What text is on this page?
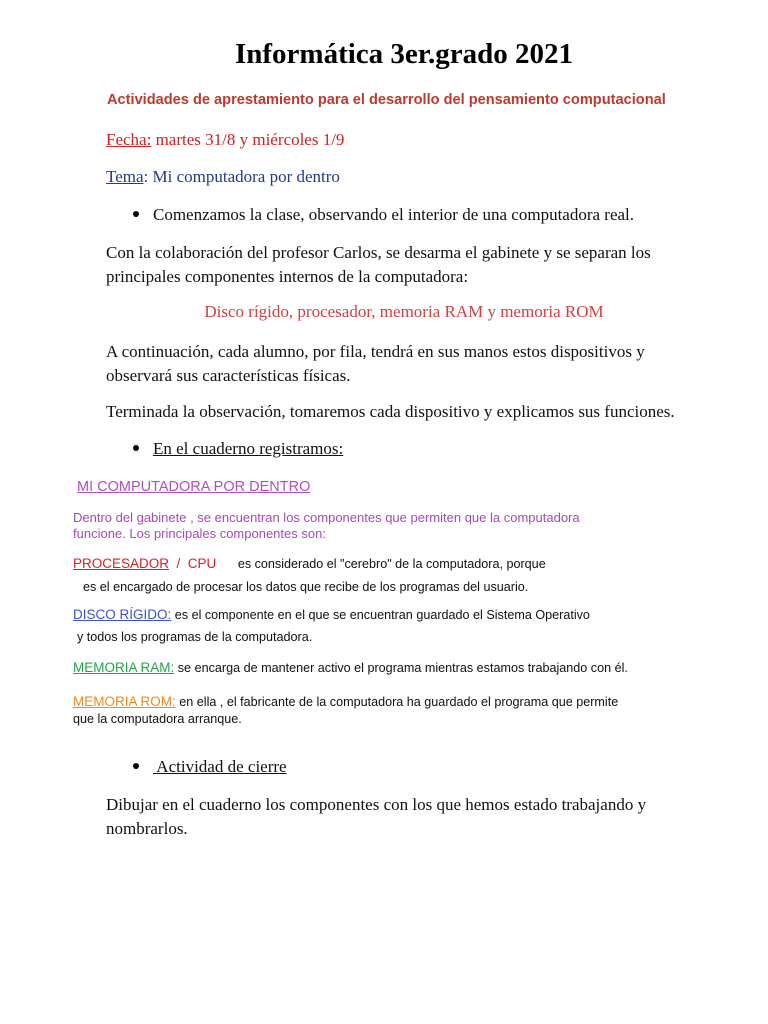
Informática 3er.grado 2021

Actividades de aprestamiento para el desarrollo del pensamiento computacional

Fecha: martes 31/8 y miércoles 1/9

Tema: Mi computadora por dentro

Comenzamos la clase, observando el interior de una computadora real.

Con la colaboración del profesor Carlos, se desarma el gabinete y se separan los principales componentes internos de la computadora:

Disco rígido, procesador, memoria RAM y memoria ROM

A continuación, cada alumno, por fila, tendrá en sus manos estos dispositivos y observará sus características físicas.

Terminada la observación, tomaremos cada dispositivo y explicamos sus funciones.

En el cuaderno registramos:

MI COMPUTADORA POR DENTRO

Dentro del gabinete , se encuentran los componentes que permiten que la computadora funcione. Los principales componentes son:

PROCESADOR / CPU es considerado el "cerebro" de la computadora, porque

es el encargado de procesar los datos que recibe de los programas del usuario.

DISCO RÍGIDO: es el componente en el que se encuentran guardado el Sistema Operativo

y todos los programas de la computadora.

MEMORIA RAM: se encarga de mantener activo el programa mientras estamos trabajando con él.

MEMORIA ROM: en ella , el fabricante de la computadora ha guardado el programa que permite

que la computadora arranque.

Actividad de cierre

Dibujar en el cuaderno los componentes con los que hemos estado trabajando y nombrarlos.
